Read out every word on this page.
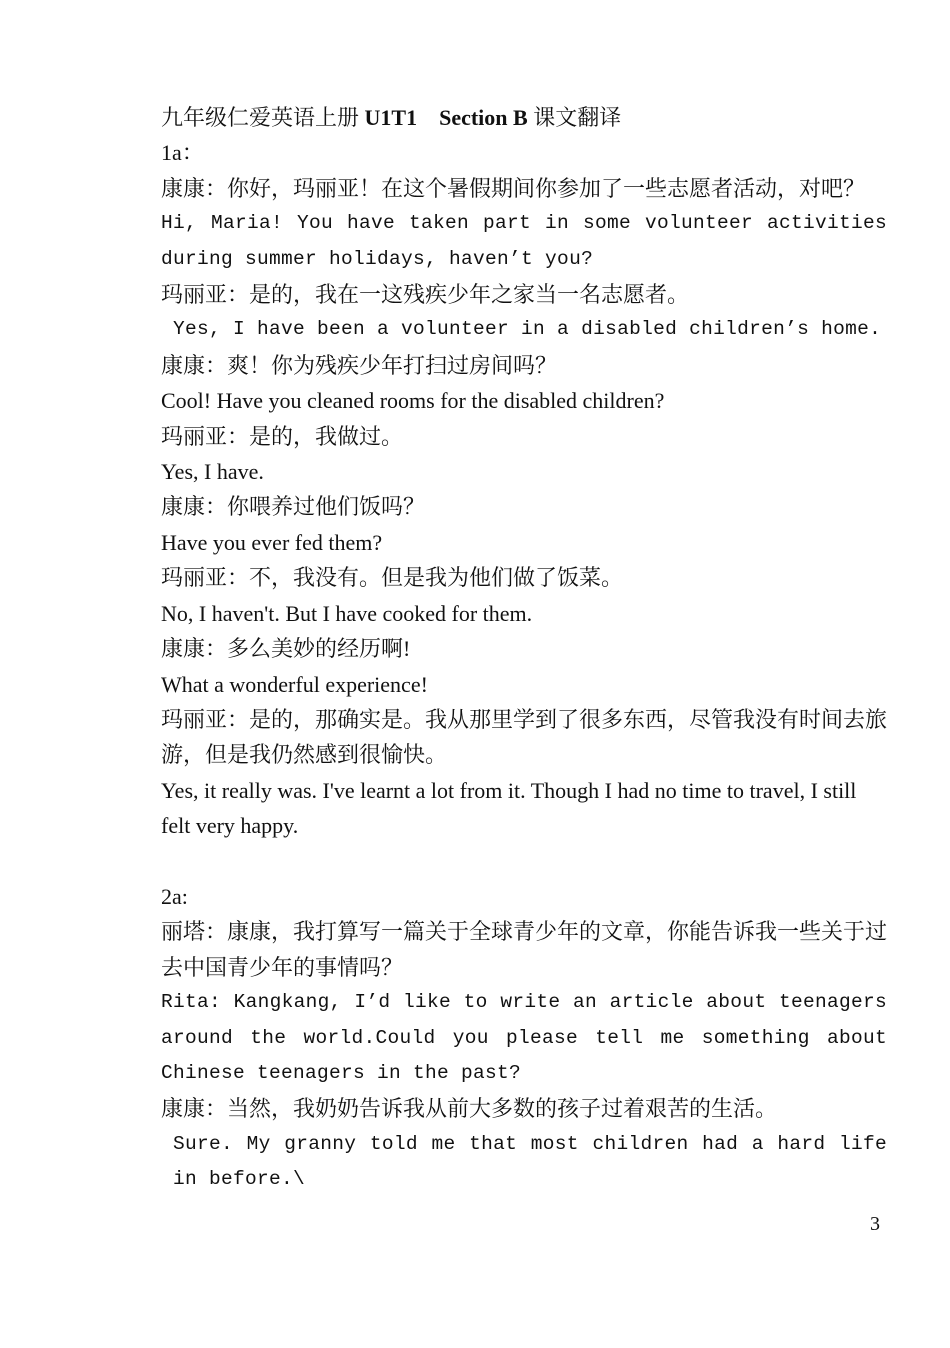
九年级仁爱英语上册 U1T1　Section B 课文翻译

1a：

康康：你好，玛丽亚！在这个暑假期间你参加了一些志愿者活动，对吧？

Hi, Maria! You have taken part in some volunteer activities during summer holidays, haven’t you?

玛丽亚：是的，我在一这残疾少年之家当一名志愿者。

Yes, I have been a volunteer in a disabled children’s home.

康康：爽！你为残疾少年打扫过房间吗？

Cool! Have you cleaned rooms for the disabled children?

玛丽亚：是的，我做过。

Yes, I have.

康康：你喂养过他们饭吗？

Have you ever fed them?

玛丽亚：不，我没有。但是我为他们做了饭菜。

No, I haven't. But I have cooked for them.

康康：多么美妙的经历啊!

What a wonderful experience!

玛丽亚：是的，那确实是。我从那里学到了很多东西，尽管我没有时间去旅游，但是我仍然感到很愉快。

Yes, it really was. I've learnt a lot from it. Though I had no time to travel, I still felt very happy.

2a:

丽塔：康康，我打算写一篇关于全球青少年的文章，你能告诉我一些关于过去中国青少年的事情吗？

Rita: Kangkang, I’d like to write an article about teenagers around the world.Could you please tell me something about Chinese teenagers in the past?

康康：当然，我奶奶告诉我从前大多数的孩子过着艰苦的生活。

Sure. My granny told me that most children had a hard life in before.\

3
